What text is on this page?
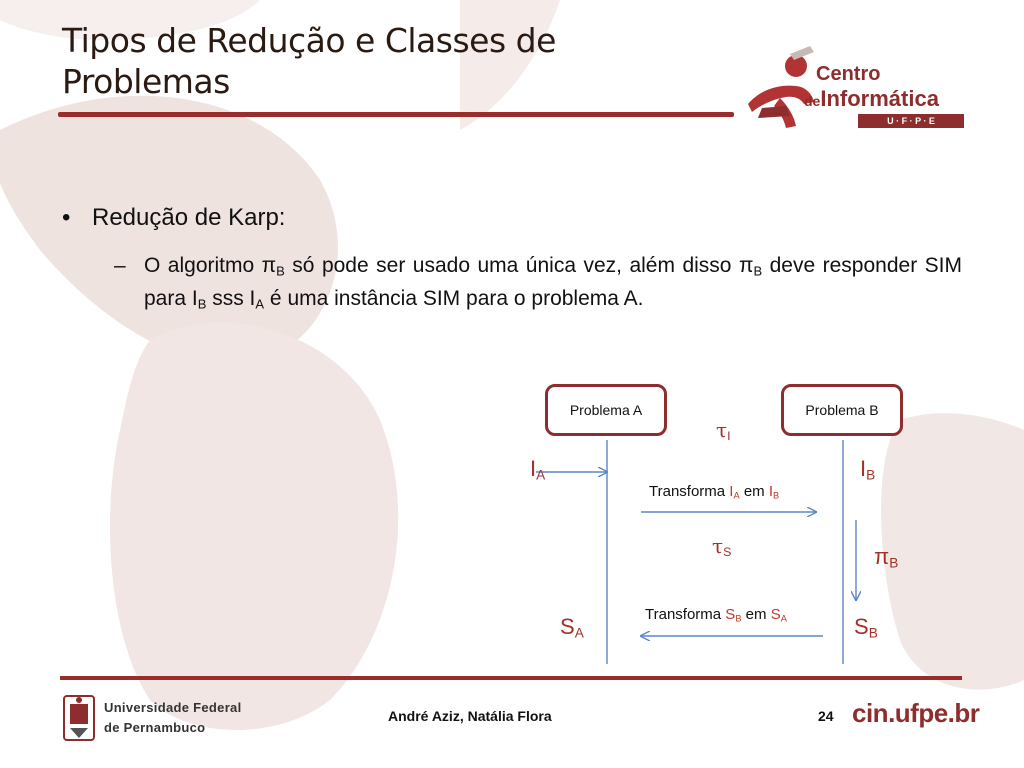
Tipos de Redução e Classes de
Problemas	Centro
deInformática
U · F · P · E
• Redução de Karp:
– O algoritmo $\pi_B$ só pode ser usado uma única vez, além disso $\pi_B$ deve responder SIM para $I_B$ sss $I_A$ é uma instância SIM para o problema A.
Problema A	Problema B
$\tau_I$
$\tau_S$
$I_A$	$I_B$
$\pi_B$
$S_A$	$S_B$
Transforma $I_A$ em $I_B$
Transforma $S_B$ em $S_A$
Universidade Federal
de Pernambuco
André Aziz, Natália Flora	24 cin.ufpe.br
